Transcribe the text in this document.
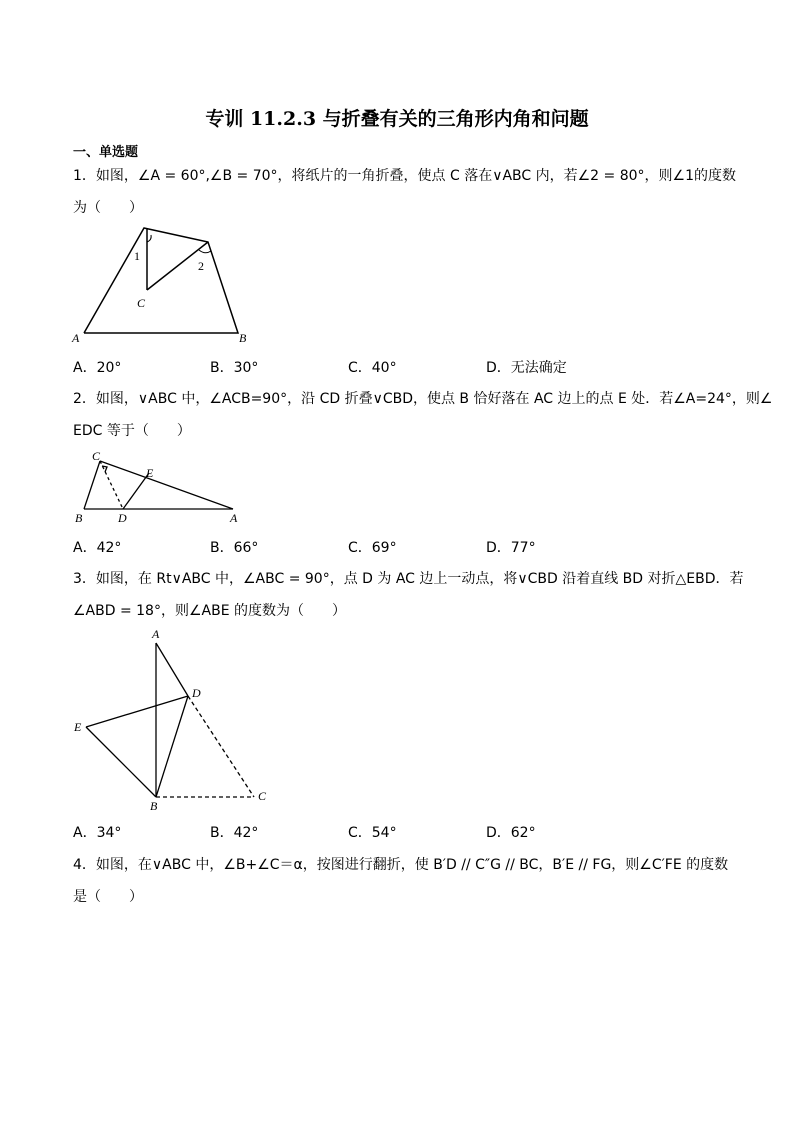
专训 11.2.3 与折叠有关的三角形内角和问题
一、单选题
1．如图，∠A = 60°,∠B = 70°，将纸片的一角折叠，使点 C 落在∨ABC 内，若∠2 = 80°，则∠1的度数
为（　　）
1
2
C
A	B
A．20°	B．30°	C．40°	D．无法确定
2．如图，∨ABC 中，∠ACB=90°，沿 CD 折叠∨CBD，使点 B 恰好落在 AC 边上的点 E 处．若∠A=24°，则∠
EDC 等于（　　）
C
E
B	D	A
A．42°	B．66°	C．69°	D．77°
3．如图，在 Rt∨ABC 中，∠ABC = 90°，点 D 为 AC 边上一动点，将∨CBD 沿着直线 BD 对折△EBD．若
∠ABD = 18°，则∠ABE 的度数为（　　）
A
D
E
B
C
A．34°	B．42°	C．54°	D．62°
4．如图，在∨ABC 中，∠B+∠C＝α，按图进行翻折，使 B′D // C″G // BC，B′E // FG，则∠C′FE 的度数
是（　　）
